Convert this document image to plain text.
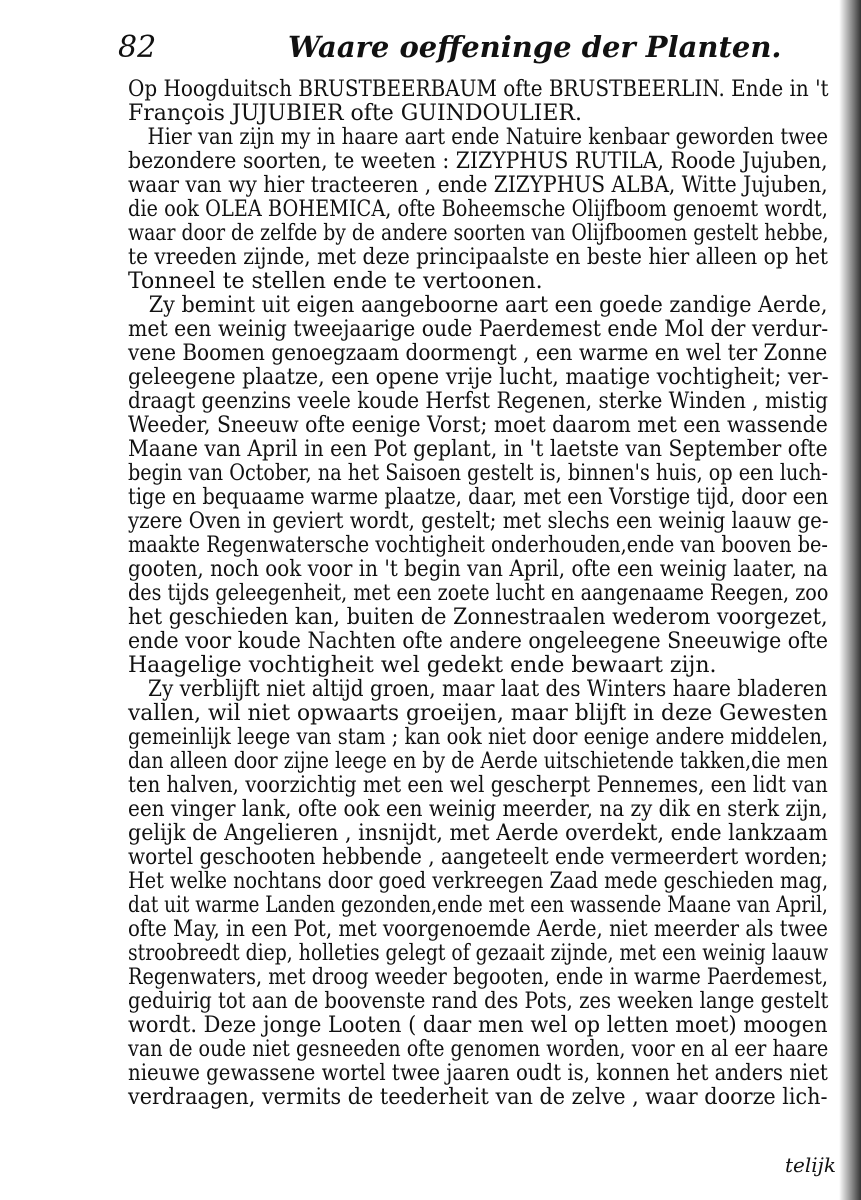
82	Waare oeffeninge der Planten.
Op Hoogduitsch BRUSTBEERBAUM ofte BRUSTBEERLIN. Ende in 't
François JUJUBIER ofte GUINDOULIER.
Hier van zijn my in haare aart ende Natuire kenbaar geworden twee
bezondere soorten, te weeten : ZIZYPHUS RUTILA, Roode Jujuben,
waar van wy hier tracteeren , ende ZIZYPHUS ALBA, Witte Jujuben,
die ook OLEA BOHEMICA, ofte Boheemsche Olijfboom genoemt wordt,
waar door de zelfde by de andere soorten van Olijfboomen gestelt hebbe,
te vreeden zijnde, met deze principaalste en beste hier alleen op het
Tonneel te stellen ende te vertoonen.
Zy bemint uit eigen aangeboorne aart een goede zandige Aerde,
met een weinig tweejaarige oude Paerdemest ende Mol der verdur-
vene Boomen genoegzaam doormengt , een warme en wel ter Zonne
geleegene plaatze, een opene vrije lucht, maatige vochtigheit; ver-
draagt geenzins veele koude Herfst Regenen, sterke Winden , mistig
Weeder, Sneeuw ofte eenige Vorst; moet daarom met een wassende
Maane van April in een Pot geplant, in 't laetste van September ofte
begin van October, na het Saisoen gestelt is, binnen's huis, op een luch-
tige en bequaame warme plaatze, daar, met een Vorstige tijd, door een
yzere Oven in geviert wordt, gestelt; met slechs een weinig laauw ge-
maakte Regenwatersche vochtigheit onderhouden,ende van booven be-
gooten, noch ook voor in 't begin van April, ofte een weinig laater, na
des tijds geleegenheit, met een zoete lucht en aangenaame Reegen, zoo
het geschieden kan, buiten de Zonnestraalen wederom voorgezet,
ende voor koude Nachten ofte andere ongeleegene Sneeuwige ofte
Haagelige vochtigheit wel gedekt ende bewaart zijn.
Zy verblijft niet altijd groen, maar laat des Winters haare bladeren
vallen, wil niet opwaarts groeijen, maar blijft in deze Gewesten
gemeinlijk leege van stam ; kan ook niet door eenige andere middelen,
dan alleen door zijne leege en by de Aerde uitschietende takken,die men
ten halven, voorzichtig met een wel gescherpt Pennemes, een lidt van
een vinger lank, ofte ook een weinig meerder, na zy dik en sterk zijn,
gelijk de Angelieren , insnijdt, met Aerde overdekt, ende lankzaam
wortel geschooten hebbende , aangeteelt ende vermeerdert worden;
Het welke nochtans door goed verkreegen Zaad mede geschieden mag,
dat uit warme Landen gezonden,ende met een wassende Maane van April,
ofte May, in een Pot, met voorgenoemde Aerde, niet meerder als twee
stroobreedt diep, holleties gelegt of gezaait zijnde, met een weinig laauw
Regenwaters, met droog weeder begooten, ende in warme Paerdemest,
geduirig tot aan de boovenste rand des Pots, zes weeken lange gestelt
wordt. Deze jonge Looten ( daar men wel op letten moet) moogen
van de oude niet gesneeden ofte genomen worden, voor en al eer haare
nieuwe gewassene wortel twee jaaren oudt is, konnen het anders niet
verdraagen, vermits de teederheit van de zelve , waar doorze lich-
telijk
